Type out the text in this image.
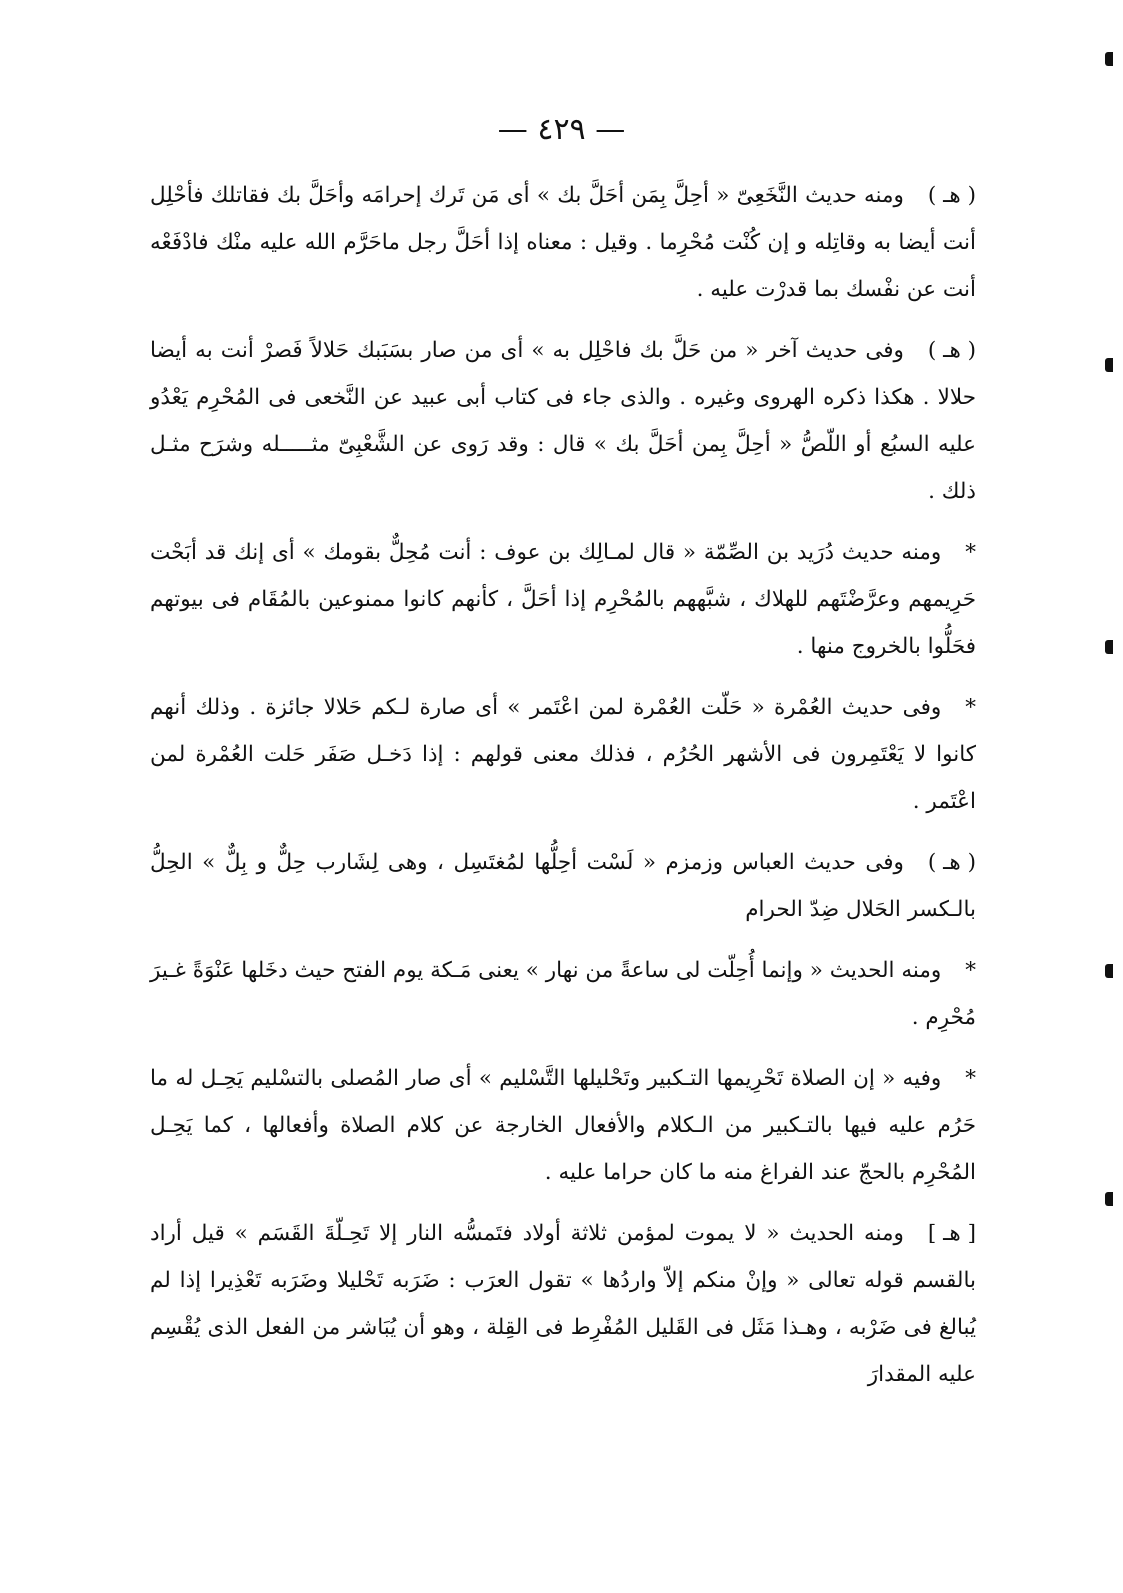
— ٤٢٩ —
( هـ )ومنه حديث النَّخَعِىّ « أحِلَّ بِمَن أحَلَّ بك » أى مَن تَرك إحرامَه وأحَلَّ بك فقاتلك فأحْلِل أنت أيضا به وقاتِله و إن كُنْت مُحْرِما . وقيل : معناه إذا أحَلَّ رجل ماحَرَّم الله عليه منْك فادْفَعْه أنت عن نفْسك بما قدرْت عليه .
( هـ )وفى حديث آخر « من حَلَّ بك فاحْلِل به » أى من صار بسَبَبك حَلالاً فَصرْ أنت به أيضا حلالا . هكذا ذكره الهروى وغيره . والذى جاء فى كتاب أبى عبيد عن النَّخعى فى المُحْرِم يَعْدُو عليه السبُع أو اللّصُّ « أحِلَّ بِمن أحَلَّ بك » قال : وقد رَوى عن الشَّعْبِىّ مثـــــله وشرَح مثـل ذلك .
*ومنه حديث دُرَيد بن الصِّمّة « قال لمـالِك بن عوف : أنت مُحِلٌّ بقومك » أى إنك قد أبَحْت حَرِيمهم وعرَّضْتَهم للهلاك ، شبَّههم بالمُحْرِم إذا أحَلَّ ، كأنهم كانوا ممنوعين بالمُقَام فى بيوتهم فحَلُّوا بالخروج منها .
*وفى حديث العُمْرة « حَلّت العُمْرة لمن اعْتَمر » أى صارة لـكم حَلالا جائزة . وذلك أنهم كانوا لا يَعْتَمِرون فى الأشهر الحُرُم ، فذلك معنى قولهم : إذا دَخـل صَفَر حَلت العُمْرة لمن اعْتَمر .
( هـ )وفى حديث العباس وزمزم « لَسْت أحِلُّها لمُغتَسِل ، وهى لِشَارب حِلٌّ و بِلٌّ » الحِلُّ بالـكسر الحَلال ضِدّ الحرام
*ومنه الحديث « وإنما أُحِلّت لى ساعةً من نهار » يعنى مَـكة يوم الفتح حيث دخَلها عَنْوَةً غـيرَ مُحْرِم .
*وفيه « إن الصلاة تَحْرِيمها التـكبير وتَحْليلها التَّسْليم » أى صار المُصلى بالتسْليم يَحِـل له ما حَرُم عليه فيها بالتـكبير من الـكلام والأفعال الخارجة عن كلام الصلاة وأفعالها ، كما يَحِـل المُحْرِم بالحجّ عند الفراغ منه ما كان حراما عليه .
[ هـ ]ومنه الحديث « لا يموت لمؤمن ثلاثة أولاد فتَمسُّه النار إلا تَحِـلّةَ القَسَم » قيل أراد بالقسم قوله تعالى « وإنْ منكم إلاّ واردُها » تقول العرَب : ضَرَبه تَحْليلا وضَرَبه تَعْذِيرا إذا لم يُبالغ فى ضَرْبه ، وهـذا مَثَل فى القَليل المُفْرِط فى القِلة ، وهو أن يُبَاشر من الفعل الذى يُقْسِم عليه المقدارَ
